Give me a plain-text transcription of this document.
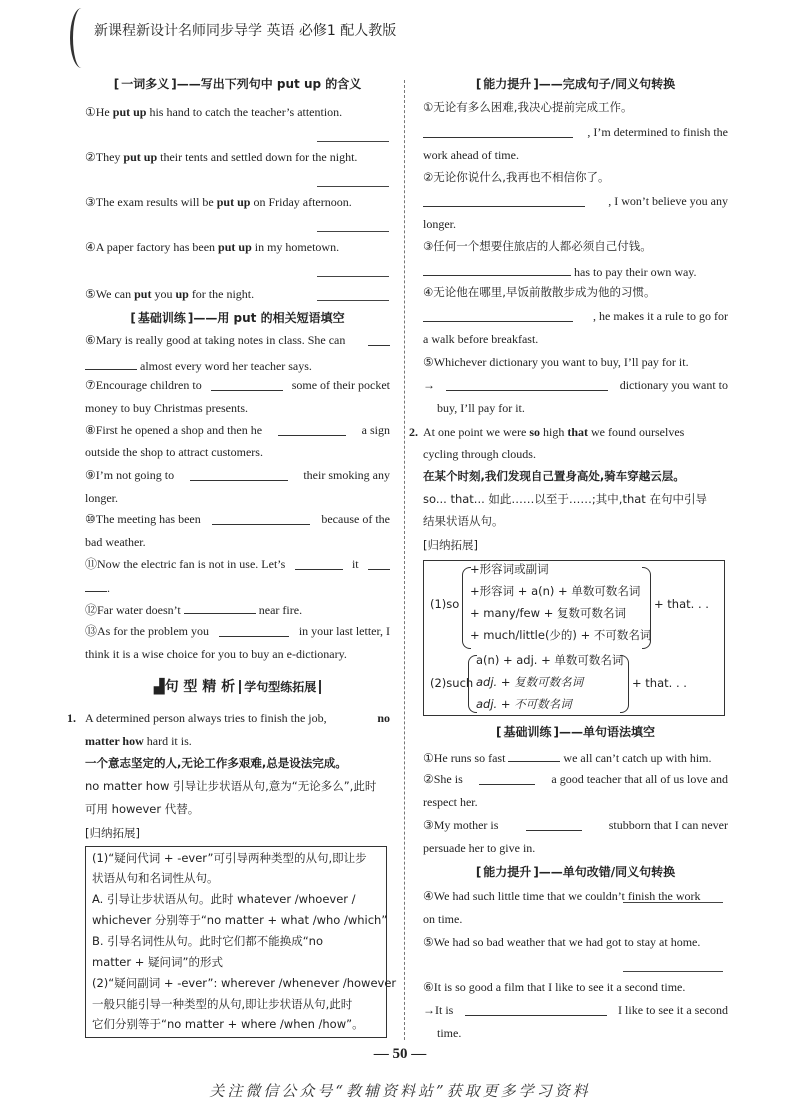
新课程新设计名师同步导学 英语 必修1 配人教版
[ 一词多义 ]——写出下列句中 put up 的含义
①He put up his hand to catch the teacher’s attention.
②They put up their tents and settled down for the night.
③The exam results will be put up on Friday afternoon.
④A paper factory has been put up in my hometown.
⑤We can put you up for the night.
[ 基础训练 ]——用 put 的相关短语填空
⑥Mary is really good at taking notes in class. She can
almost every word her teacher says.
⑦Encourage children to	some of their pocket
money to buy Christmas presents.
⑧First he opened a shop and then he	a sign
outside the shop to attract customers.
⑨I’m not going to	their smoking any
longer.
⑩The meeting has been	because of the
bad weather.
⑪Now the electric fan is not in use. Let’s	it
.
⑫Far water doesn’t	near fire.
⑬As for the problem you	in your last letter, I
think it is a wise choice for you to buy an e-dictionary.
▟句 型 精 析 学句型练拓展
1. A determined person always tries to finish the job,	no
matter how hard it is.
一个意志坚定的人,无论工作多艰难,总是设法完成。
no matter how 引导让步状语从句,意为“无论多么”,此时
可用 however 代替。
[归纳拓展]
(1)“疑问代词 + -ever”可引导两种类型的从句,即让步
状语从句和名词性从句。
A. 引导让步状语从句。此时 whatever /whoever /
whichever 分别等于“no matter + what /who /which”
B. 引导名词性从句。此时它们都不能换成“no
matter + 疑问词”的形式
(2)“疑问副词 + -ever”: wherever /whenever /however
一般只能引导一种类型的从句,即让步状语从句,此时
它们分别等于“no matter + where /when /how”。
[ 能力提升 ]——完成句子/同义句转换
①无论有多么困难,我决心提前完成工作。
, I’m determined to finish the
work ahead of time.
②无论你说什么,我再也不相信你了。
, I won’t believe you any
longer.
③任何一个想要住旅店的人都必须自己付钱。
has to pay their own way.
④无论他在哪里,早饭前散散步成为他的习惯。
, he makes it a rule to go for
a walk before breakfast.
⑤Whichever dictionary you want to buy, I’ll pay for it.
→	dictionary you want to
buy, I’ll pay for it.
2. At one point we were so high that we found ourselves
cycling through clouds.
在某个时刻,我们发现自己置身高处,骑车穿越云层。
so... that... 如此……以至于……;其中,that 在句中引导
结果状语从句。
[归纳拓展]
(1)so
+形容词或副词
+形容词 + a(n) + 单数可数名词
+ many/few + 复数可数名词
+ much/little(少的) + 不可数名词
+ that. . .
(2)such
a(n) + adj. + 单数可数名词
adj. + 复数可数名词
adj. + 不可数名词
+ that. . .
[ 基础训练 ]——单句语法填空
①He runs so fast	we all can’t catch up with him.
②She is	a good teacher that all of us love and
respect her.
③My mother is	stubborn that I can never
persuade her to give in.
[ 能力提升 ]——单句改错/同义句转换
④We had such little time that we couldn’t finish the work
on time.
⑤We had so bad weather that we had got to stay at home.
⑥It is so good a film that I like to see it a second time.
→It is	I like to see it a second
time.
— 50 —
关注微信公众号“教辅资料站”获取更多学习资料
